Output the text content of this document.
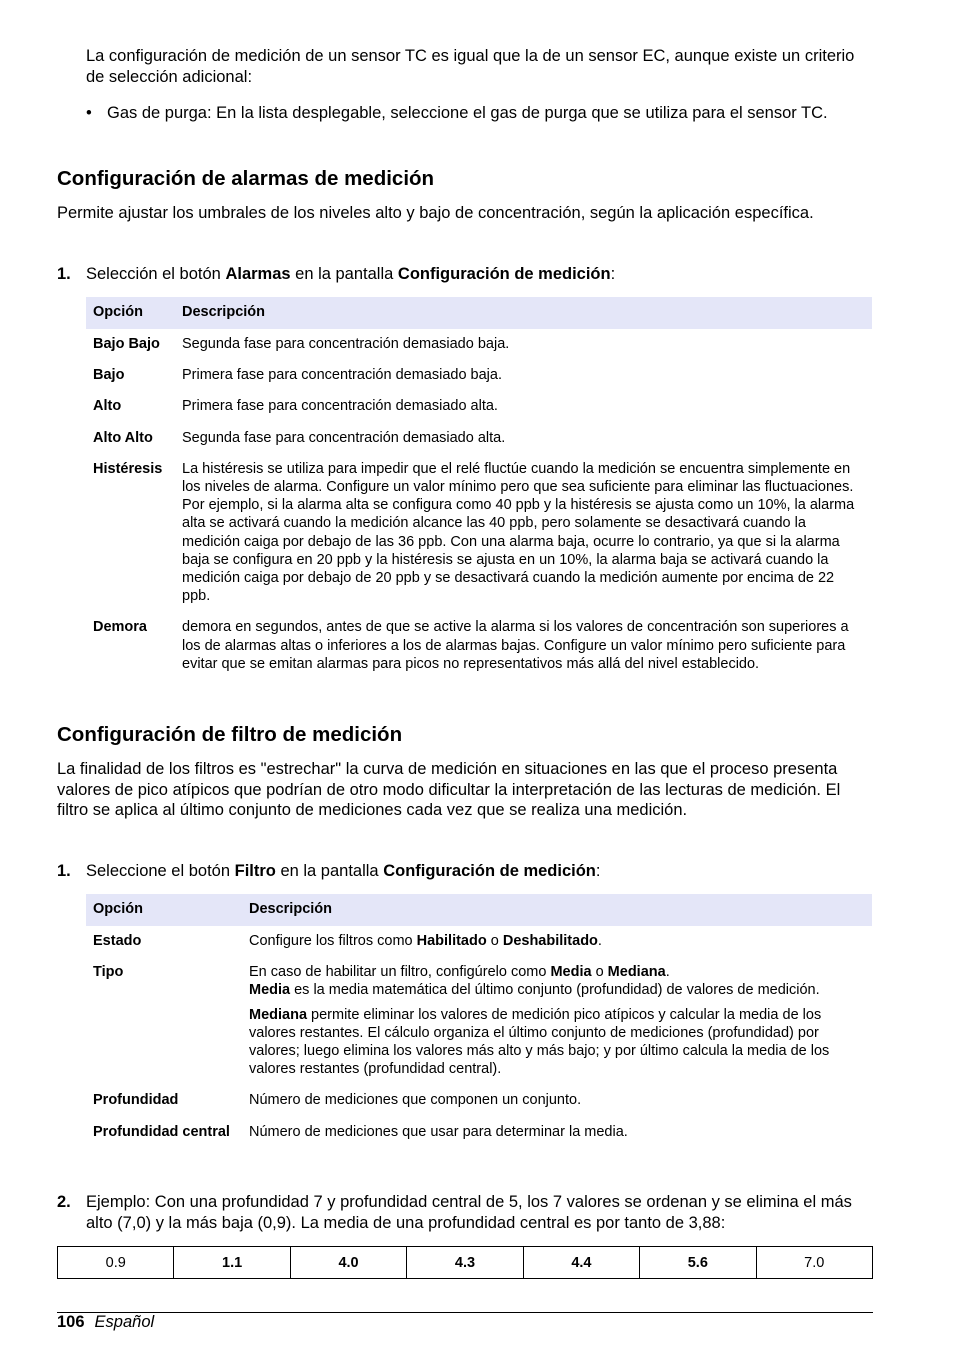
La configuración de medición de un sensor TC es igual que la de un sensor EC, aunque existe un criterio de selección adicional:

• Gas de purga: En la lista desplegable, seleccione el gas de purga que se utiliza para el sensor TC.
Configuración de alarmas de medición

Permite ajustar los umbrales de los niveles alto y bajo de concentración, según la aplicación específica.

1. Selección el botón Alarmas en la pantalla Configuración de medición:
Opción	Descripción
Bajo Bajo	Segunda fase para concentración demasiado baja.
Bajo	Primera fase para concentración demasiado baja.
Alto	Primera fase para concentración demasiado alta.
Alto Alto	Segunda fase para concentración demasiado alta.
Histéresis	La histéresis se utiliza para impedir que el relé fluctúe cuando la medición se encuentra simplemente en los niveles de alarma. Configure un valor mínimo pero que sea suficiente para eliminar las fluctuaciones. Por ejemplo, si la alarma alta se configura como 40 ppb y la histéresis se ajusta como un 10%, la alarma alta se activará cuando la medición alcance las 40 ppb, pero solamente se desactivará cuando la medición caiga por debajo de las 36 ppb. Con una alarma baja, ocurre lo contrario, ya que si la alarma baja se configura en 20 ppb y la histéresis se ajusta en un 10%, la alarma baja se activará cuando la medición caiga por debajo de 20 ppb y se desactivará cuando la medición aumente por encima de 22 ppb.
Demora	demora en segundos, antes de que se active la alarma si los valores de concentración son superiores a los de alarmas altas o inferiores a los de alarmas bajas. Configure un valor mínimo pero suficiente para evitar que se emitan alarmas para picos no representativos más allá del nivel establecido.
Configuración de filtro de medición

La finalidad de los filtros es "estrechar" la curva de medición en situaciones en las que el proceso presenta valores de pico atípicos que podrían de otro modo dificultar la interpretación de las lecturas de medición. El filtro se aplica al último conjunto de mediciones cada vez que se realiza una medición.

1. Seleccione el botón Filtro en la pantalla Configuración de medición:
Opción	Descripción
Estado	Configure los filtros como Habilitado o Deshabilitado.
Tipo	En caso de habilitar un filtro, configúrelo como Media o Mediana.
Media es la media matemática del último conjunto (profundidad) de valores de medición.

Mediana permite eliminar los valores de medición pico atípicos y calcular la media de los valores restantes. El cálculo organiza el último conjunto de mediciones (profundidad) por valores; luego elimina los valores más alto y más bajo; y por último calcula la media de los valores restantes (profundidad central).

Profundidad	Número de mediciones que componen un conjunto.
Profundidad central	Número de mediciones que usar para determinar la media.
2. Ejemplo: Con una profundidad 7 y profundidad central de 5, los 7 valores se ordenan y se elimina el más alto (7,0) y la más baja (0,9). La media de una profundidad central es por tanto de 3,88:
0.9	1.1	4.0	4.3	4.4	5.6	7.0
106 Español
